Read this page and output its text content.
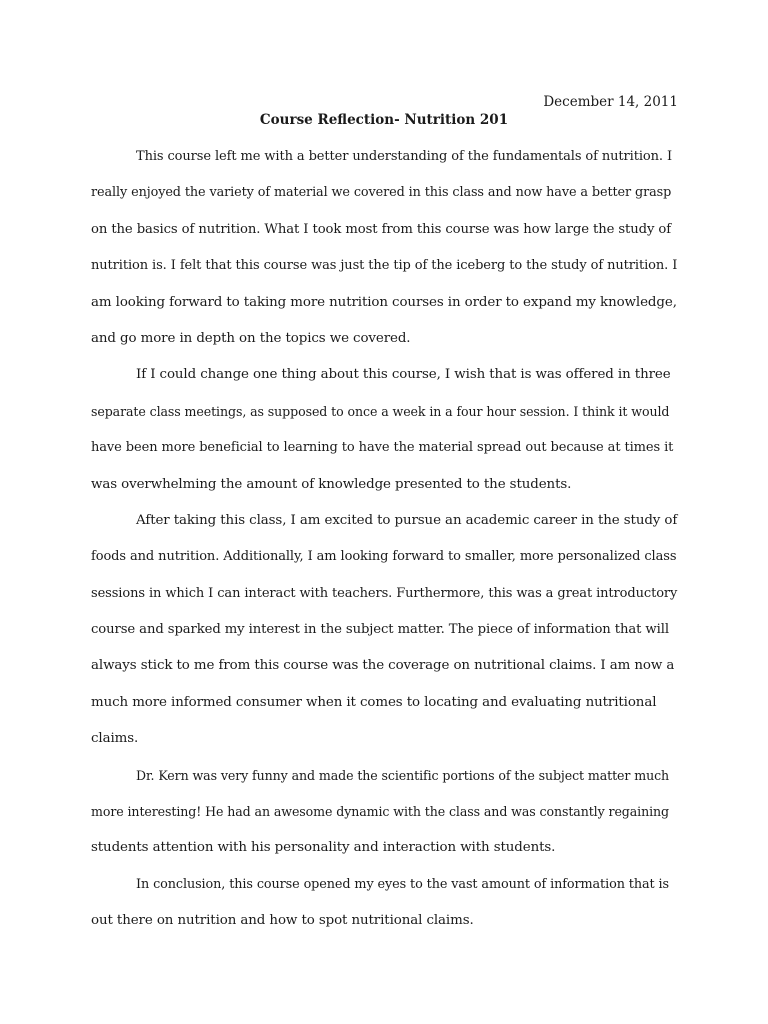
December 14, 2011
Course Reflection- Nutrition 201
This course left me with a better understanding of the fundamentals of nutrition. I
really enjoyed the variety of material we covered in this class and now have a better grasp
on the basics of nutrition. What I took most from this course was how large the study of
nutrition is. I felt that this course was just the tip of the iceberg to the study of nutrition. I
am looking forward to taking more nutrition courses in order to expand my knowledge,
and go more in depth on the topics we covered.
If I could change one thing about this course, I wish that is was offered in three
separate class meetings, as supposed to once a week in a four hour session. I think it would
have been more beneficial to learning to have the material spread out because at times it
was overwhelming the amount of knowledge presented to the students.
After taking this class, I am excited to pursue an academic career in the study of
foods and nutrition. Additionally, I am looking forward to smaller, more personalized class
sessions in which I can interact with teachers. Furthermore, this was a great introductory
course and sparked my interest in the subject matter. The piece of information that will
always stick to me from this course was the coverage on nutritional claims. I am now a
much more informed consumer when it comes to locating and evaluating nutritional
claims.
Dr. Kern was very funny and made the scientific portions of the subject matter much
more interesting! He had an awesome dynamic with the class and was constantly regaining
students attention with his personality and interaction with students.
In conclusion, this course opened my eyes to the vast amount of information that is
out there on nutrition and how to spot nutritional claims.
